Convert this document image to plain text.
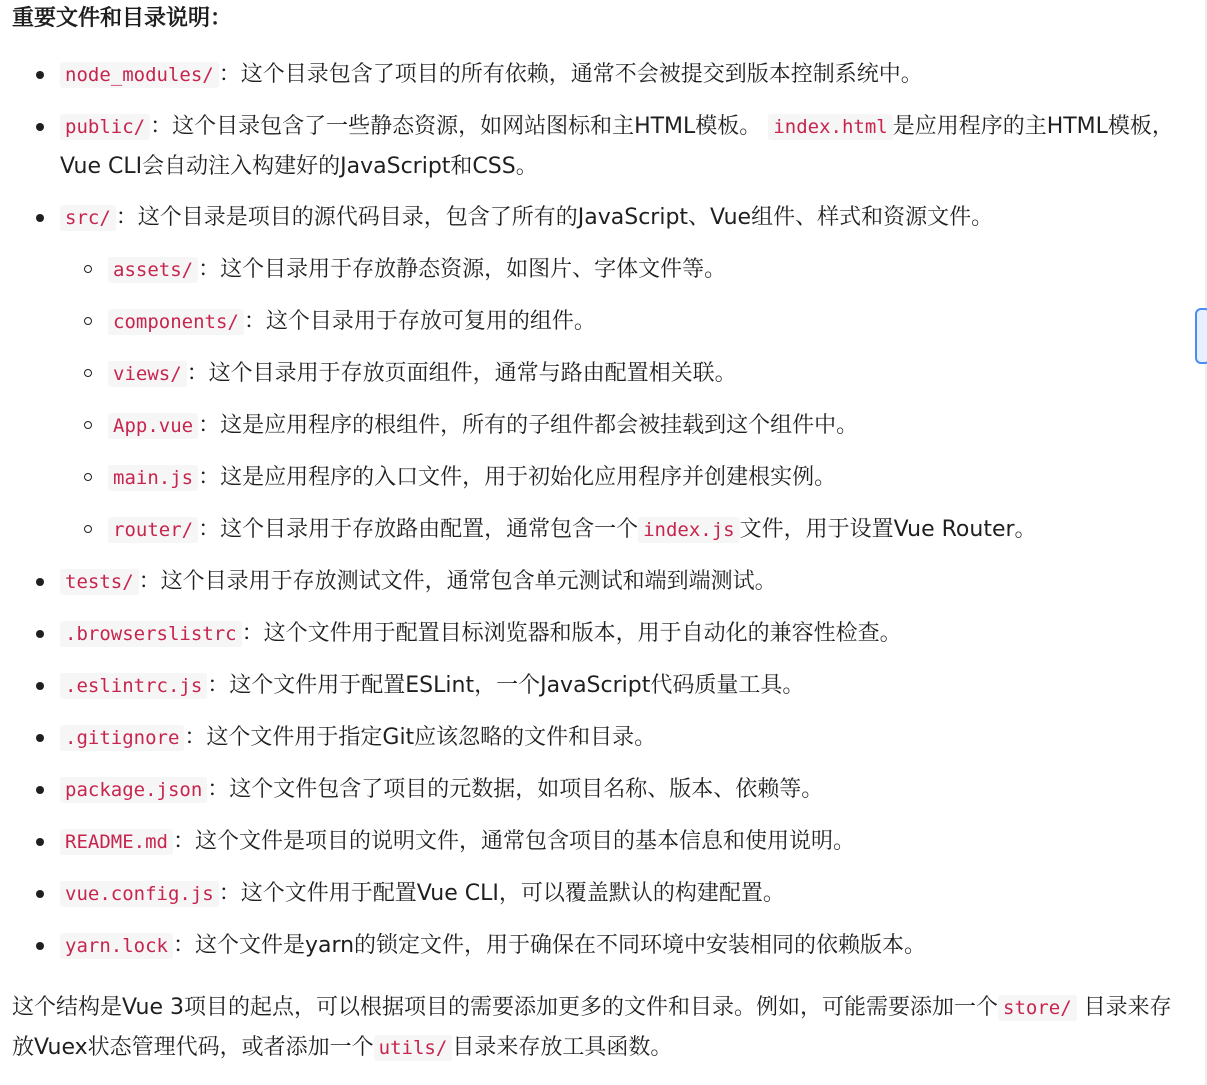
重要文件和目录说明：
node_modules/ ：这个目录包含了项目的所有依赖，通常不会被提交到版本控制系统中。
public/ ：这个目录包含了一些静态资源，如网站图标和主HTML模板。 index.html 是应用程序的主HTML模板，Vue CLI会自动注入构建好的JavaScript和CSS。
src/ ：这个目录是项目的源代码目录，包含了所有的JavaScript、Vue组件、样式和资源文件。
assets/ ：这个目录用于存放静态资源，如图片、字体文件等。
components/ ：这个目录用于存放可复用的组件。
views/ ：这个目录用于存放页面组件，通常与路由配置相关联。
App.vue ：这是应用程序的根组件，所有的子组件都会被挂载到这个组件中。
main.js ：这是应用程序的入口文件，用于初始化应用程序并创建根实例。
router/ ：这个目录用于存放路由配置，通常包含一个 index.js 文件，用于设置Vue Router。
tests/ ：这个目录用于存放测试文件，通常包含单元测试和端到端测试。
.browserslistrc ：这个文件用于配置目标浏览器和版本，用于自动化的兼容性检查。
.eslintrc.js ：这个文件用于配置ESLint，一个JavaScript代码质量工具。
.gitignore ：这个文件用于指定Git应该忽略的文件和目录。
package.json ：这个文件包含了项目的元数据，如项目名称、版本、依赖等。
README.md ：这个文件是项目的说明文件，通常包含项目的基本信息和使用说明。
vue.config.js ：这个文件用于配置Vue CLI，可以覆盖默认的构建配置。
yarn.lock ：这个文件是yarn的锁定文件，用于确保在不同环境中安装相同的依赖版本。

这个结构是Vue 3项目的起点，可以根据项目的需要添加更多的文件和目录。例如，可能需要添加一个 store/ 目录来存放Vuex状态管理代码，或者添加一个 utils/ 目录来存放工具函数。
